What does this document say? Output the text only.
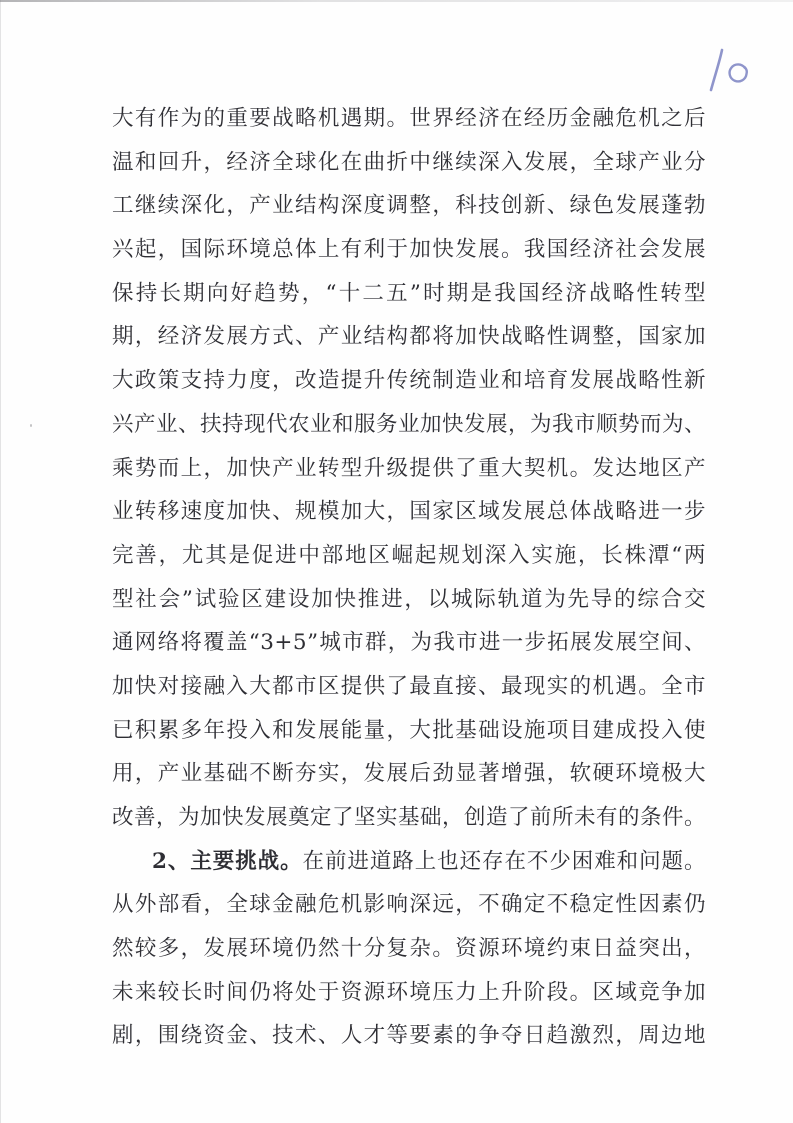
大有作为的重要战略机遇期。世界经济在经历金融危机之后
温和回升，经济全球化在曲折中继续深入发展，全球产业分
工继续深化，产业结构深度调整，科技创新、绿色发展蓬勃
兴起，国际环境总体上有利于加快发展。我国经济社会发展
保持长期向好趋势，“十二五”时期是我国经济战略性转型
期，经济发展方式、产业结构都将加快战略性调整，国家加
大政策支持力度，改造提升传统制造业和培育发展战略性新
兴产业、扶持现代农业和服务业加快发展，为我市顺势而为、
乘势而上，加快产业转型升级提供了重大契机。发达地区产
业转移速度加快、规模加大，国家区域发展总体战略进一步
完善，尤其是促进中部地区崛起规划深入实施，长株潭“两
型社会”试验区建设加快推进，以城际轨道为先导的综合交
通网络将覆盖“3+5”城市群，为我市进一步拓展发展空间、
加快对接融入大都市区提供了最直接、最现实的机遇。全市
已积累多年投入和发展能量，大批基础设施项目建成投入使
用，产业基础不断夯实，发展后劲显著增强，软硬环境极大
改善，为加快发展奠定了坚实基础，创造了前所未有的条件。
2、主要挑战。在前进道路上也还存在不少困难和问题。
从外部看，全球金融危机影响深远，不确定不稳定性因素仍
然较多，发展环境仍然十分复杂。资源环境约束日益突出，
未来较长时间仍将处于资源环境压力上升阶段。区域竞争加
剧，围绕资金、技术、人才等要素的争夺日趋激烈，周边地
